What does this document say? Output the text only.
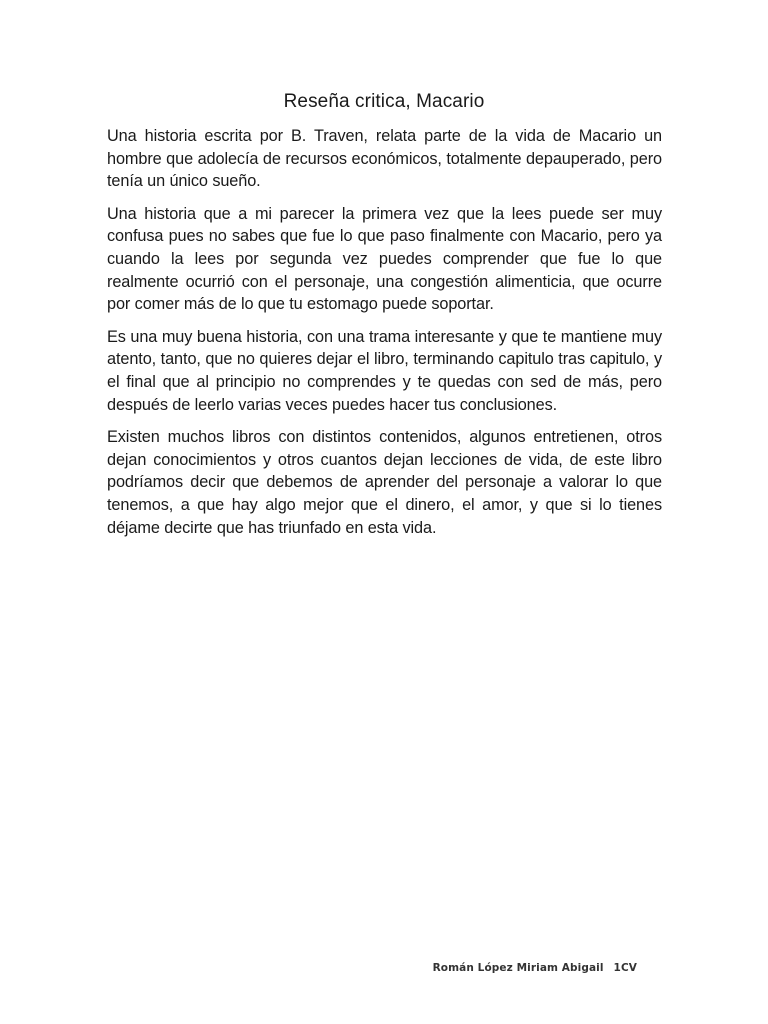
Reseña critica, Macario

Una historia escrita por B. Traven, relata parte de la vida de Macario un hombre que adolecía de recursos económicos, totalmente depauperado, pero tenía un único sueño.

Una historia que a mi parecer la primera vez que la lees puede ser muy confusa pues no sabes que fue lo que paso finalmente con Macario, pero ya cuando la lees por segunda vez puedes comprender que fue lo que realmente ocurrió con el personaje, una congestión alimenticia, que ocurre por comer más de lo que tu estomago puede soportar.

Es una muy buena historia, con una trama interesante y que te mantiene muy atento, tanto, que no quieres dejar el libro, terminando capitulo tras capitulo, y el final que al principio no comprendes y te quedas con sed de más, pero después de leerlo varias veces puedes hacer tus conclusiones.

Existen muchos libros con distintos contenidos, algunos entretienen, otros dejan conocimientos y otros cuantos dejan lecciones de vida, de este libro podríamos decir que debemos de aprender del personaje a valorar lo que tenemos, a que hay algo mejor que el dinero, el amor, y que si lo tienes déjame decirte que has triunfado en esta vida.

Román López Miriam Abigail 1CV
